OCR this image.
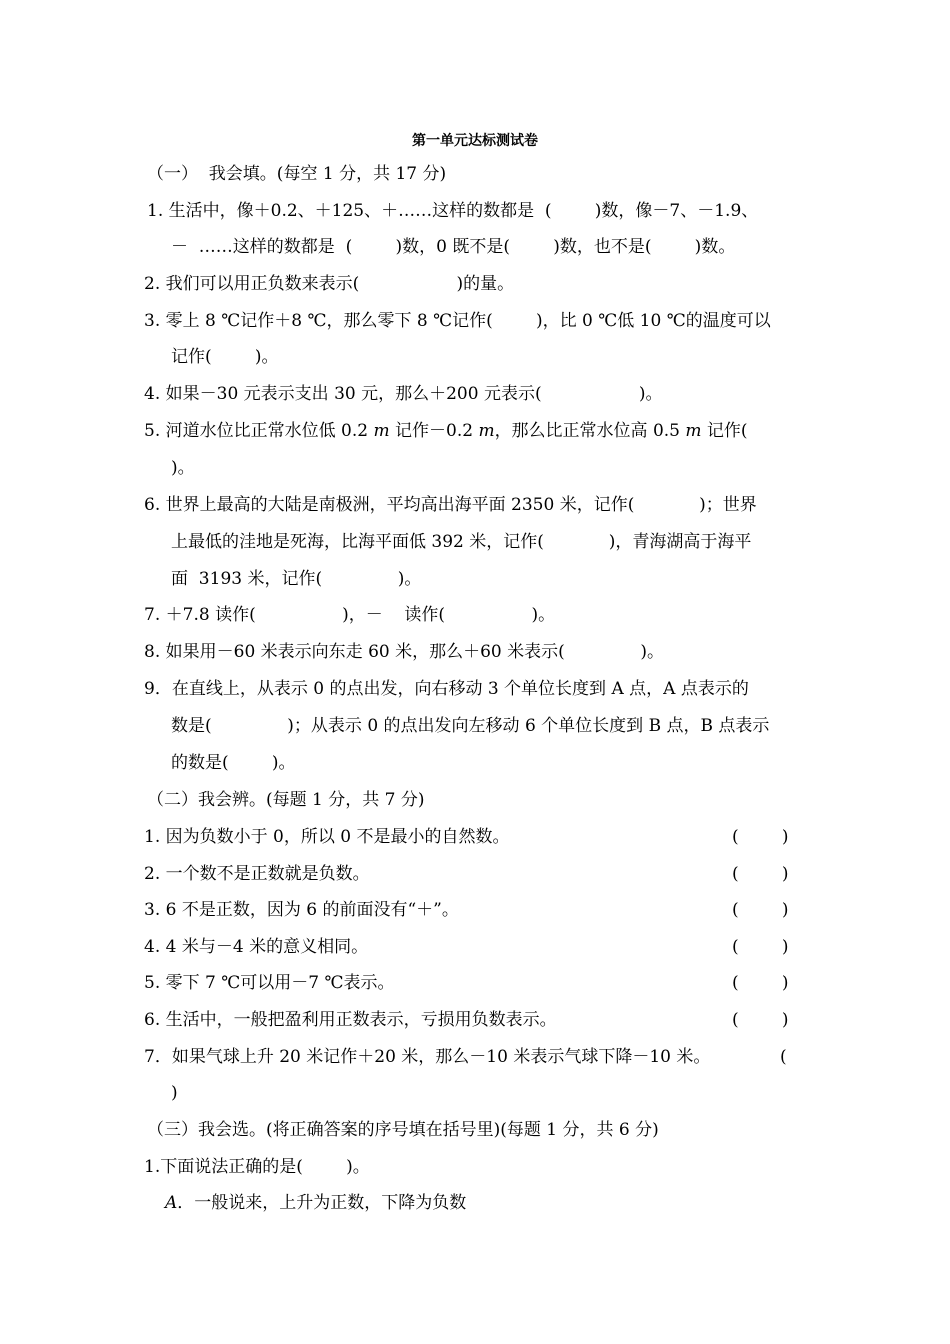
第一单元达标测试卷
（一）  我会填。(每空 1 分，共 17 分)
1. 生活中，像＋0.2、＋125、＋……这样的数都是  (        )数，像－7、－1.9、
－  ……这样的数都是  (        )数，0 既不是(        )数，也不是(        )数。
2. 我们可以用正负数来表示(                  )的量。
3. 零上 8 ℃记作＋8 ℃，那么零下 8 ℃记作(        )，比 0 ℃低 10 ℃的温度可以
记作(        )。
4. 如果－30 元表示支出 30 元，那么＋200 元表示(                  )。
5. 河道水位比正常水位低 0.2 m 记作－0.2 m，那么比正常水位高 0.5 m 记作(
)。
6. 世界上最高的大陆是南极洲，平均高出海平面 2350 米，记作(            )；世界
上最低的洼地是死海，比海平面低 392 米，记作(            )，青海湖高于海平
面  3193 米，记作(              )。
7. ＋7.8 读作(                )，－    读作(                )。
8. 如果用－60 米表示向东走 60 米，那么＋60 米表示(              )。
9．在直线上，从表示 0 的点出发，向右移动 3 个单位长度到 A 点，A 点表示的
数是(              )；从表示 0 的点出发向左移动 6 个单位长度到 B 点，B 点表示
的数是(        )。
（二）我会辨。(每题 1 分，共 7 分)
1. 因为负数小于 0，所以 0 不是最小的自然数。	(        )
2. 一个数不是正数就是负数。	(        )
3. 6 不是正数，因为 6 的前面没有“＋”。	(        )
4. 4 米与－4 米的意义相同。	(        )
5. 零下 7 ℃可以用－7 ℃表示。	(        )
6. 生活中，一般把盈利用正数表示，亏损用负数表示。	(        )
7．如果气球上升 20 米记作＋20 米，那么－10 米表示气球下降－10 米。	(
)
（三）我会选。(将正确答案的序号填在括号里)(每题 1 分，共 6 分)
1.下面说法正确的是(        )。
A．一般说来，上升为正数，下降为负数
